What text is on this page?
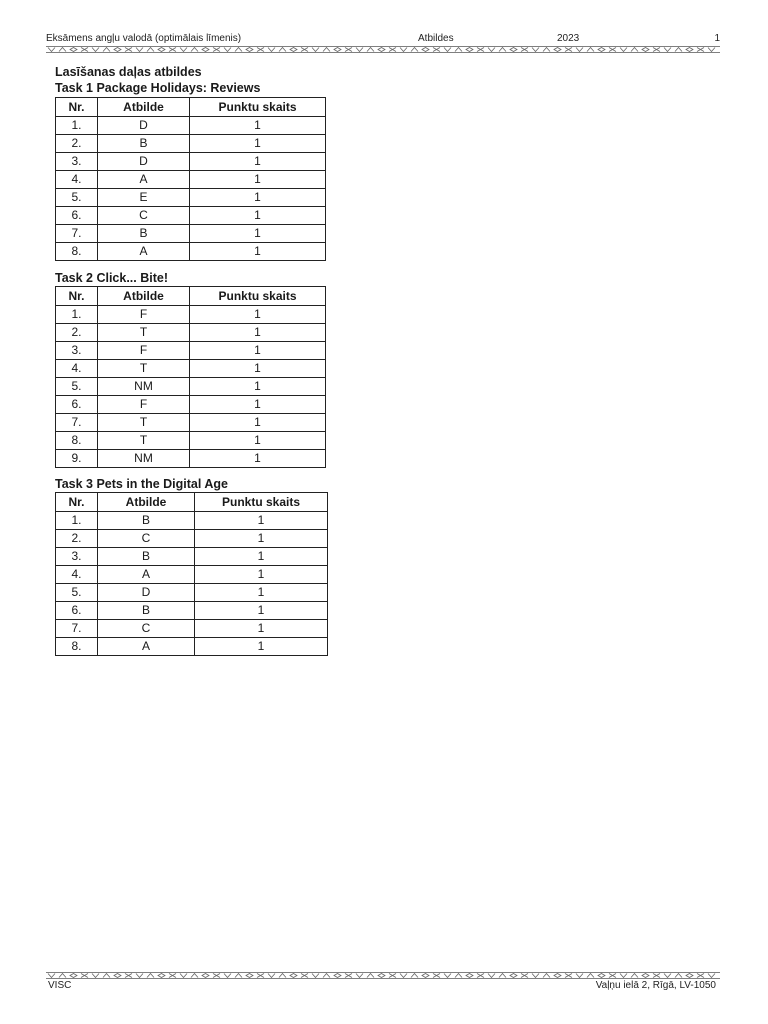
Eksāmens angļu valodā (optimālais līmenis)	Atbildes	2023	1
Lasīšanas daļas atbildes
Task 1 Package Holidays: Reviews
Nr.	Atbilde	Punktu skaits
1.	D	1
2.	B	1
3.	D	1
4.	A	1
5.	E	1
6.	C	1
7.	B	1
8.	A	1
Task 2 Click... Bite!
Nr.	Atbilde	Punktu skaits
1.	F	1
2.	T	1
3.	F	1
4.	T	1
5.	NM	1
6.	F	1
7.	T	1
8.	T	1
9.	NM	1
Task 3 Pets in the Digital Age
Nr.	Atbilde	Punktu skaits
1.	B	1
2.	C	1
3.	B	1
4.	A	1
5.	D	1
6.	B	1
7.	C	1
8.	A	1
VISC	Vaļņu ielā 2, Rīgā, LV-1050
